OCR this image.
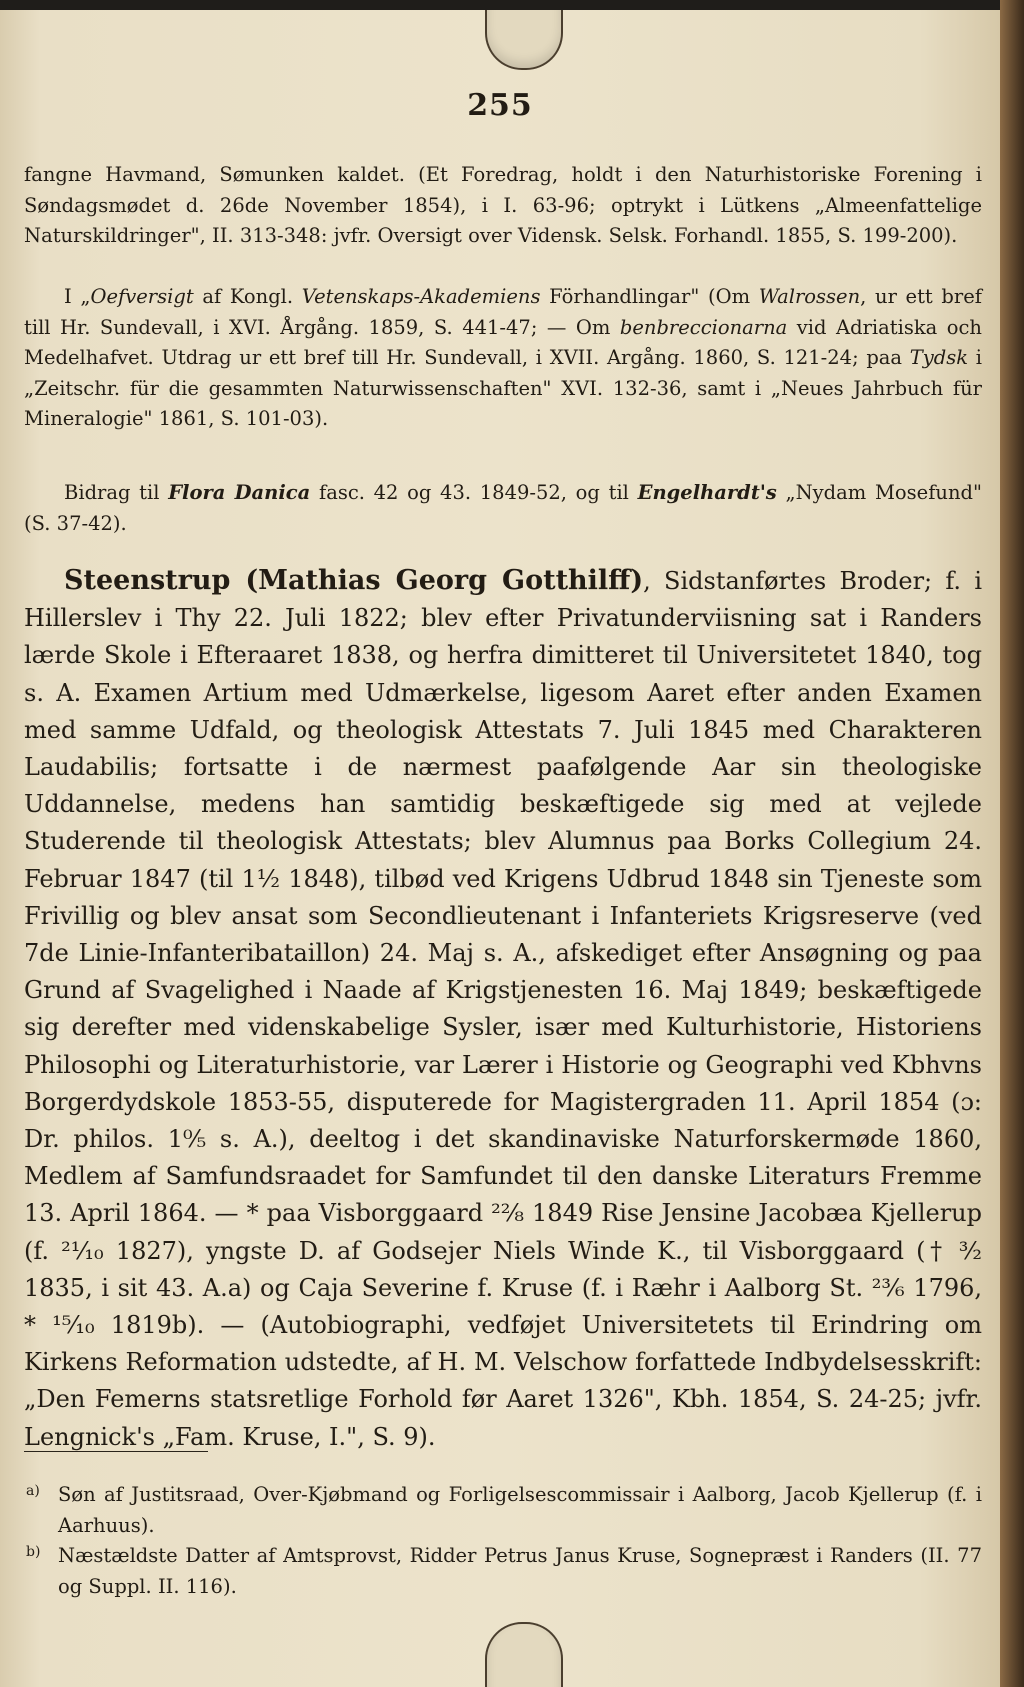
255

fangne Havmand, Sømunken kaldet. (Et Foredrag, holdt i den Naturhistoriske Forening i Søndagsmødet d. 26de November 1854), i I. 63-96; optrykt i Lütkens „Almeenfattelige Naturskildringer", II. 313-348: jvfr. Oversigt over Vidensk. Selsk. Forhandl. 1855, S. 199-200).

I „Oefversigt af Kongl. Vetenskaps-Akademiens Förhandlingar" (Om Walrossen, ur ett bref till Hr. Sundevall, i XVI. Årgång. 1859, S. 441-47; — Om benbreccionarna vid Adriatiska och Medelhafvet. Utdrag ur ett bref till Hr. Sundevall, i XVII. Argång. 1860, S. 121-24; paa Tydsk i „Zeitschr. für die gesammten Naturwissenschaften" XVI. 132-36, samt i „Neues Jahrbuch für Mineralogie" 1861, S. 101-03).

Bidrag til Flora Danica fasc. 42 og 43. 1849-52, og til Engelhardt's „Nydam Mosefund" (S. 37-42).

Steenstrup (Mathias Georg Gotthilff), Sidstanførtes Broder; f. i Hillerslev i Thy 22. Juli 1822; blev efter Privatunderviisning sat i Randers lærde Skole i Efteraaret 1838, og herfra dimitteret til Universitetet 1840, tog s. A. Examen Artium med Udmærkelse, ligesom Aaret efter anden Examen med samme Udfald, og theologisk Attestats 7. Juli 1845 med Charakteren Laudabilis; fortsatte i de nærmest paafølgende Aar sin theologiske Uddannelse, medens han samtidig beskæftigede sig med at vejlede Studerende til theologisk Attestats; blev Alumnus paa Borks Collegium 24. Februar 1847 (til 1½ 1848), tilbød ved Krigens Udbrud 1848 sin Tjeneste som Frivillig og blev ansat som Secondlieutenant i Infanteriets Krigsreserve (ved 7de Linie-Infanteribataillon) 24. Maj s. A., afskediget efter Ansøgning og paa Grund af Svagelighed i Naade af Krigstjenesten 16. Maj 1849; beskæftigede sig derefter med videnskabelige Sysler, især med Kulturhistorie, Historiens Philosophi og Literaturhistorie, var Lærer i Historie og Geographi ved Kbhvns Borgerdydskole 1853-55, disputerede for Magistergraden 11. April 1854 (ɔ: Dr. philos. 1⁰⁄₅ s. A.), deeltog i det skandinaviske Naturforskermøde 1860, Medlem af Samfundsraadet for Samfundet til den danske Literaturs Fremme 13. April 1864. — * paa Visborggaard ²²⁄₈ 1849 Rise Jensine Jacobæa Kjellerup (f. ²¹⁄₁₀ 1827), yngste D. af Godsejer Niels Winde K., til Visborggaard († ³⁄₂ 1835, i sit 43. A.a) og Caja Severine f. Kruse (f. i Ræhr i Aalborg St. ²³⁄₆ 1796, * ¹⁵⁄₁₀ 1819b). — (Autobiographi, vedføjet Universitetets til Erindring om Kirkens Reformation udstedte, af H. M. Velschow forfattede Indbydelsesskrift: „Den Femerns statsretlige Forhold før Aaret 1326", Kbh. 1854, S. 24-25; jvfr. Lengnick's „Fam. Kruse, I.", S. 9).

a) Søn af Justitsraad, Over-Kjøbmand og Forligelsescommissair i Aalborg, Jacob Kjellerup (f. i Aarhuus).
b) Næstældste Datter af Amtsprovst, Ridder Petrus Janus Kruse, Sognepræst i Randers (II. 77 og Suppl. II. 116).
